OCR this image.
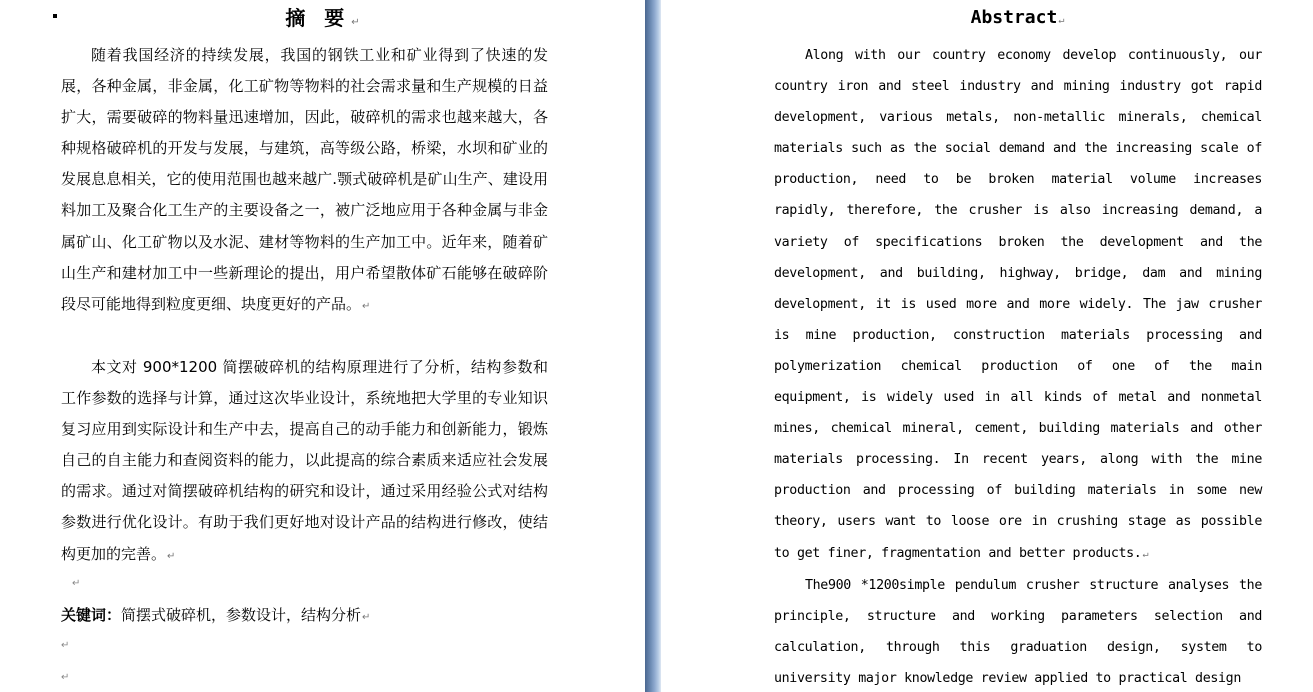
摘 要↵

随着我国经济的持续发展，我国的钢铁工业和矿业得到了快速的发展，各种金属，非金属，化工矿物等物料的社会需求量和生产规模的日益扩大，需要破碎的物料量迅速增加，因此，破碎机的需求也越来越大，各种规格破碎机的开发与发展，与建筑，高等级公路，桥梁，水坝和矿业的发展息息相关，它的使用范围也越来越广.颚式破碎机是矿山生产、建设用料加工及聚合化工生产的主要设备之一，被广泛地应用于各种金属与非金属矿山、化工矿物以及水泥、建材等物料的生产加工中。近年来，随着矿山生产和建材加工中一些新理论的提出，用户希望散体矿石能够在破碎阶段尽可能地得到粒度更细、块度更好的产品。↵

本文对 900*1200 简摆破碎机的结构原理进行了分析，结构参数和工作参数的选择与计算，通过这次毕业设计，系统地把大学里的专业知识复习应用到实际设计和生产中去，提高自己的动手能力和创新能力，锻炼自己的自主能力和查阅资料的能力，以此提高的综合素质来适应社会发展的需求。通过对简摆破碎机结构的研究和设计，通过采用经验公式对结构参数进行优化设计。有助于我们更好地对设计产品的结构进行修改，使结构更加的完善。↵

↵
关键词：简摆式破碎机，参数设计，结构分析↵
↵
↵
Abstract↵

Along with our country economy develop continuously, our country iron and steel industry and mining industry got rapid development, various metals, non-metallic minerals, chemical materials such as the social demand and the increasing scale of production, need to be broken material volume increases rapidly, therefore, the crusher is also increasing demand, a variety of specifications broken the development and the development, and building, highway, bridge, dam and mining development, it is used more and more widely. The jaw crusher is mine production, construction materials processing and polymerization chemical production of one of the main equipment, is widely used in all kinds of metal and nonmetal mines, chemical mineral, cement, building materials and other materials processing. In recent years, along with the mine production and processing of building materials in some new theory, users want to loose ore in crushing stage as possible to get finer, fragmentation and better products.↵

The900 *1200simple pendulum crusher structure analyses the principle, structure and working parameters selection and calculation, through this graduation design, system to university major knowledge review applied to practical design
